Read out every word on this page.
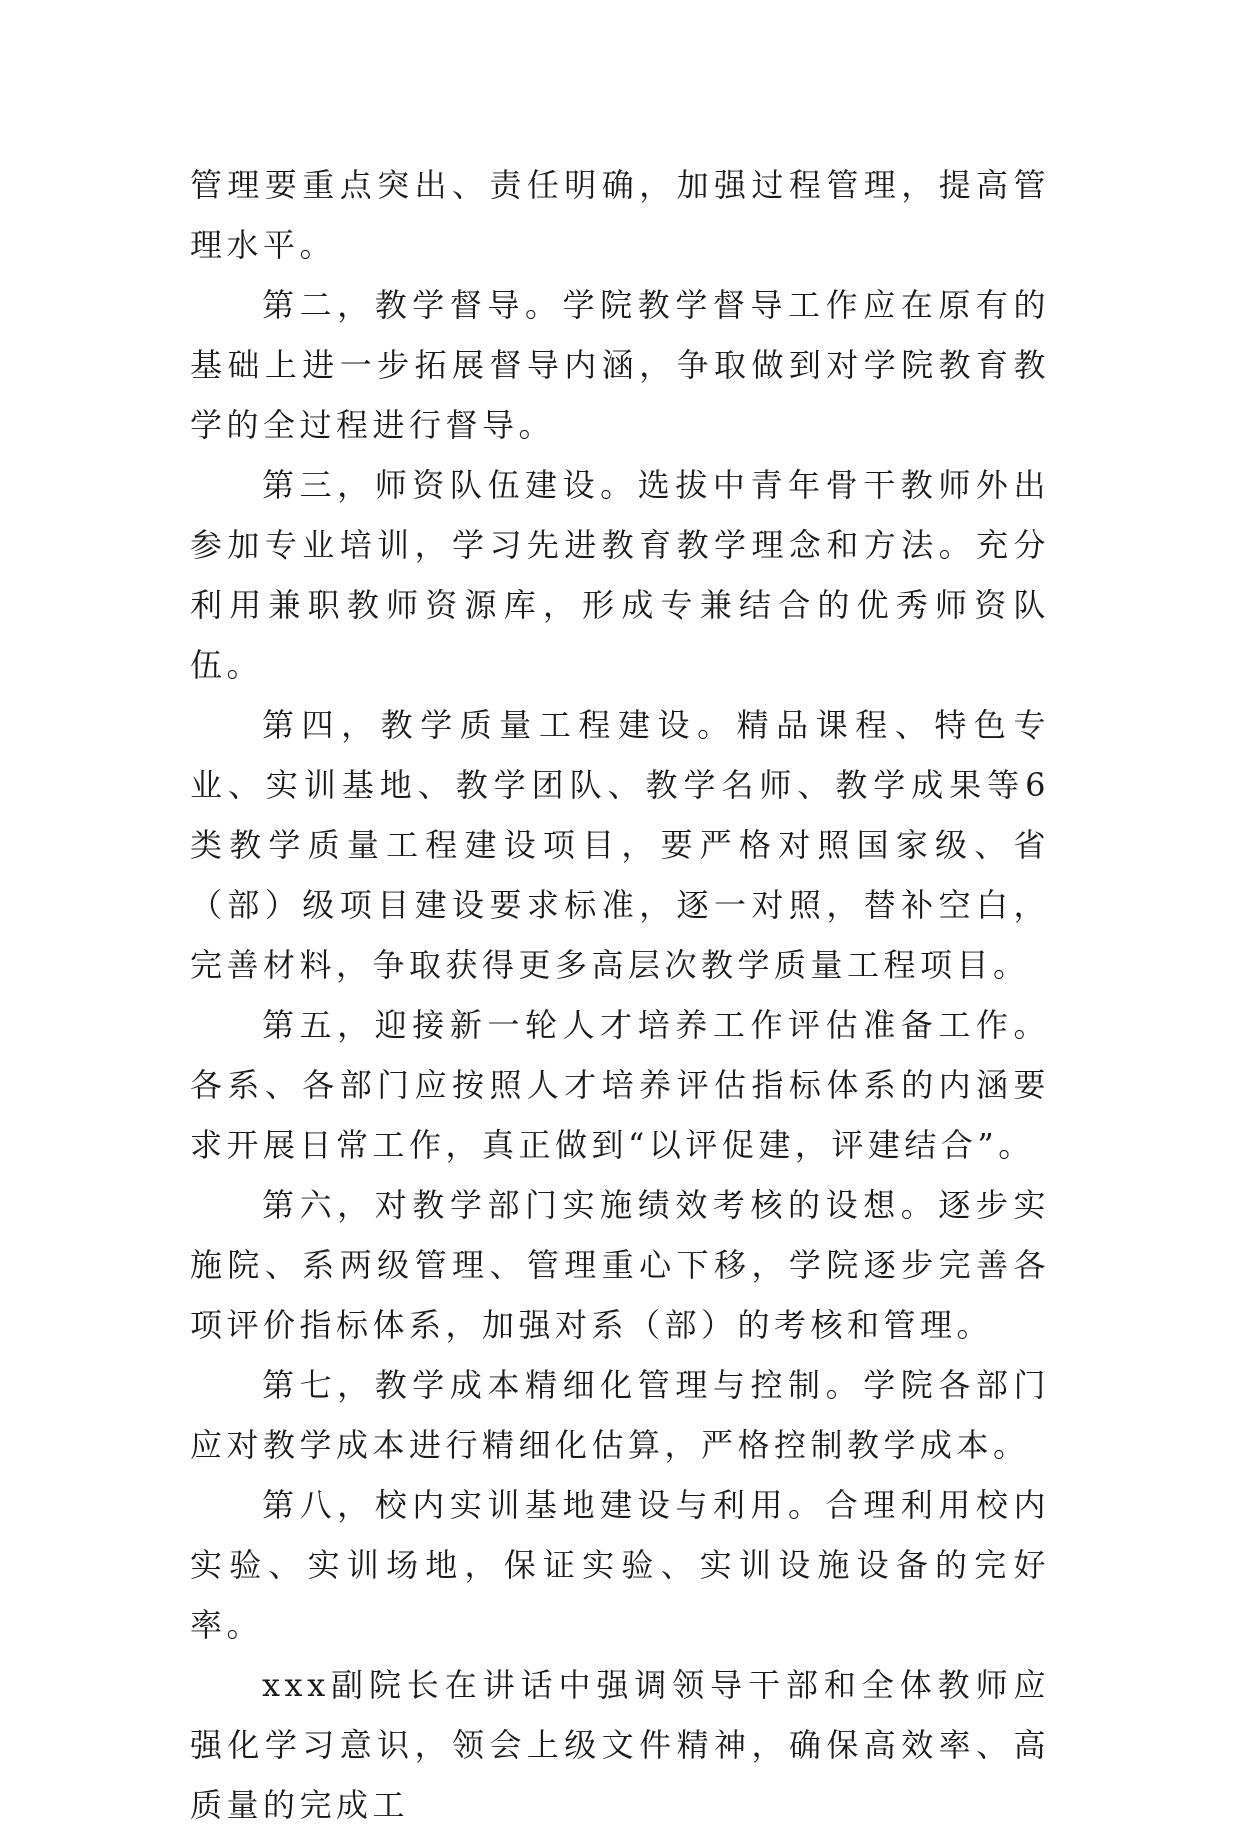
管理要重点突出、责任明确，加强过程管理，提高管理水平。

第二，教学督导。学院教学督导工作应在原有的基础上进一步拓展督导内涵，争取做到对学院教育教学的全过程进行督导。

第三，师资队伍建设。选拔中青年骨干教师外出参加专业培训，学习先进教育教学理念和方法。充分利用兼职教师资源库，形成专兼结合的优秀师资队伍。

第四，教学质量工程建设。精品课程、特色专业、实训基地、教学团队、教学名师、教学成果等6类教学质量工程建设项目，要严格对照国家级、省（部）级项目建设要求标准，逐一对照，替补空白，完善材料，争取获得更多高层次教学质量工程项目。

第五，迎接新一轮人才培养工作评估准备工作。各系、各部门应按照人才培养评估指标体系的内涵要求开展日常工作，真正做到“以评促建，评建结合”。

第六，对教学部门实施绩效考核的设想。逐步实施院、系两级管理、管理重心下移，学院逐步完善各项评价指标体系，加强对系（部）的考核和管理。

第七，教学成本精细化管理与控制。学院各部门应对教学成本进行精细化估算，严格控制教学成本。

第八，校内实训基地建设与利用。合理利用校内实验、实训场地，保证实验、实训设施设备的完好率。

xxx副院长在讲话中强调领导干部和全体教师应强化学习意识，领会上级文件精神，确保高效率、高质量的完成工
